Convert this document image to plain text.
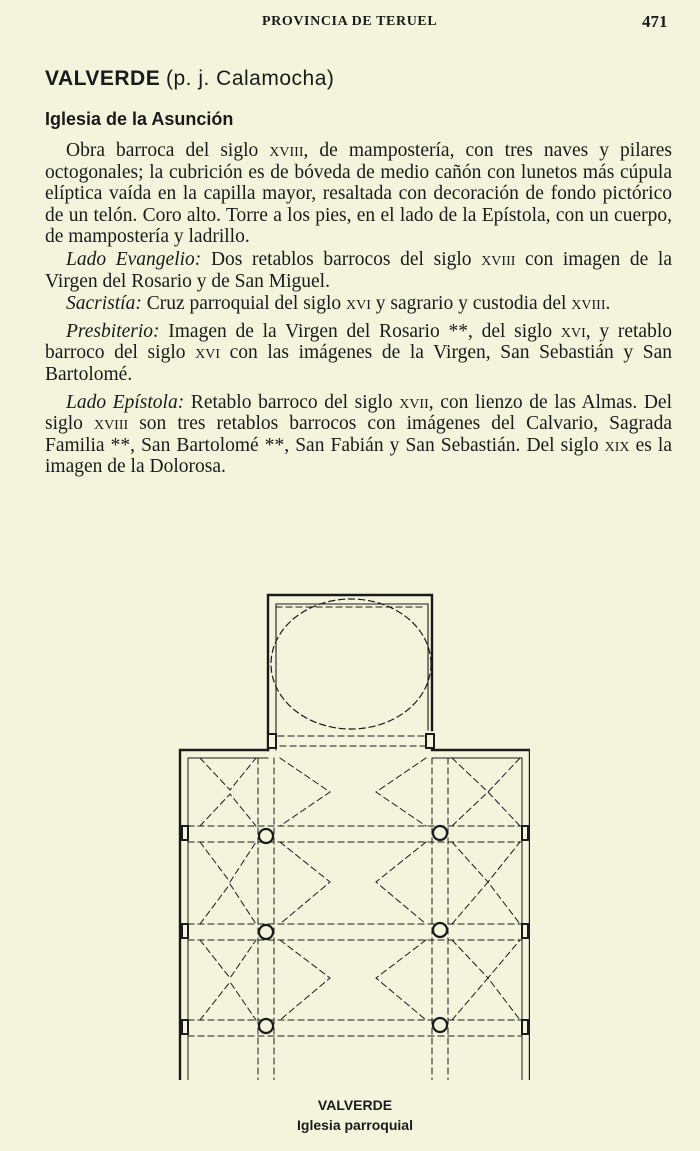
PROVINCIA DE TERUEL	471
VALVERDE (p. j. Calamocha)
Iglesia de la Asunción

Obra barroca del siglo xviii, de mampostería, con tres naves y pilares octogonales; la cubrición es de bóveda de medio cañón con lunetos más cúpula elíptica vaída en la capilla mayor, resaltada con decoración de fondo pictórico de un telón. Coro alto. Torre a los pies, en el lado de la Epístola, con un cuerpo, de mampostería y ladrillo.

Lado Evangelio: Dos retablos barrocos del siglo xviii con imagen de la Virgen del Rosario y de San Miguel.

Sacristía: Cruz parroquial del siglo xvi y sagrario y custodia del xviii.

Presbiterio: Imagen de la Virgen del Rosario **, del siglo xvi, y retablo barroco del siglo xvi con las imágenes de la Virgen, San Sebastián y San Bartolomé.

Lado Epístola: Retablo barroco del siglo xvii, con lienzo de las Almas. Del siglo xviii son tres retablos barrocos con imágenes del Calvario, Sagrada Familia **, San Bartolomé **, San Fabián y San Sebastián. Del siglo xix es la imagen de la Dolorosa.

VALVERDE
Iglesia parroquial
